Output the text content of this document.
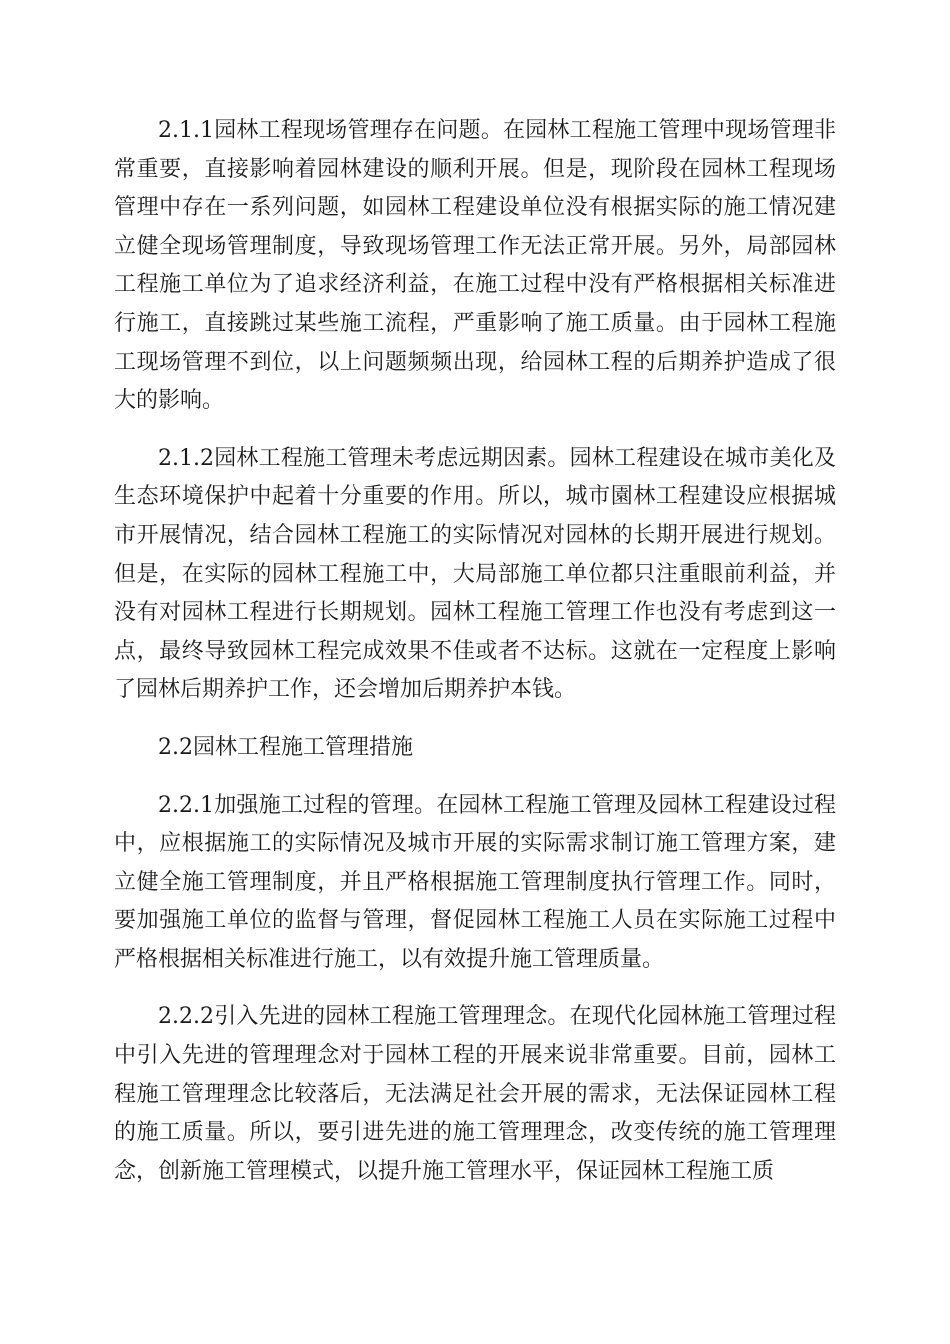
2.1.1园林工程现场管理存在问题。在园林工程施工管理中现场管理非常重要，直接影响着园林建设的顺利开展。但是，现阶段在园林工程现场管理中存在一系列问题，如园林工程建设单位没有根据实际的施工情况建立健全现场管理制度，导致现场管理工作无法正常开展。另外，局部园林工程施工单位为了追求经济利益，在施工过程中没有严格根据相关标准进行施工，直接跳过某些施工流程，严重影响了施工质量。由于园林工程施工现场管理不到位，以上问题频频出现，给园林工程的后期养护造成了很大的影响。

2.1.2园林工程施工管理未考虑远期因素。园林工程建设在城市美化及生态环境保护中起着十分重要的作用。所以，城市園林工程建设应根据城市开展情况，结合园林工程施工的实际情况对园林的长期开展进行规划。但是，在实际的园林工程施工中，大局部施工单位都只注重眼前利益，并没有对园林工程进行长期规划。园林工程施工管理工作也没有考虑到这一点，最终导致园林工程完成效果不佳或者不达标。这就在一定程度上影响了园林后期养护工作，还会增加后期养护本钱。

2.2园林工程施工管理措施

2.2.1加强施工过程的管理。在园林工程施工管理及园林工程建设过程中，应根据施工的实际情况及城市开展的实际需求制订施工管理方案，建立健全施工管理制度，并且严格根据施工管理制度执行管理工作。同时，要加强施工单位的监督与管理，督促园林工程施工人员在实际施工过程中严格根据相关标准进行施工，以有效提升施工管理质量。

2.2.2引入先进的园林工程施工管理理念。在现代化园林施工管理过程中引入先进的管理理念对于园林工程的开展来说非常重要。目前，园林工程施工管理理念比较落后，无法满足社会开展的需求，无法保证园林工程的施工质量。所以，要引进先进的施工管理理念，改变传统的施工管理理念，创新施工管理模式，以提升施工管理水平，保证园林工程施工质
